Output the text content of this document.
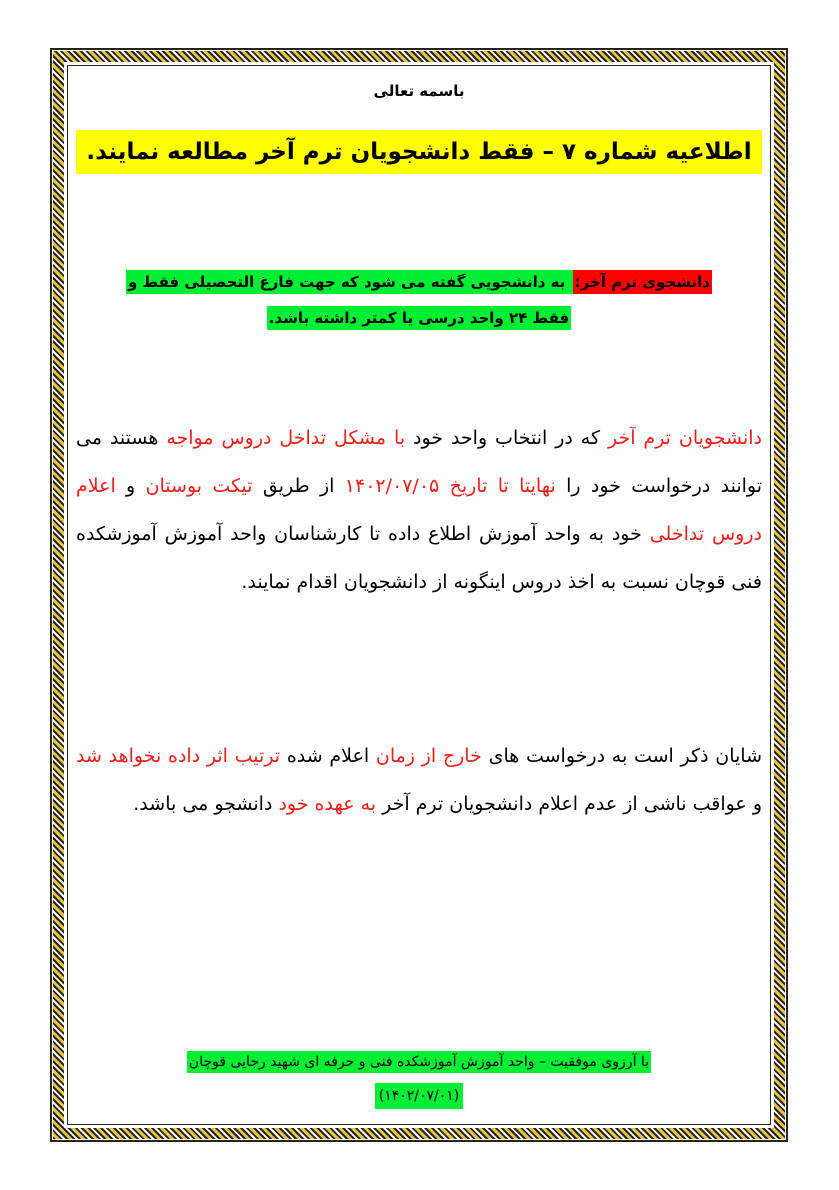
باسمه تعالی
اطلاعیه شماره ۷ – فقط دانشجویان ترم آخر مطالعه نمایند.
دانشجوی ترم آخر: به دانشجویی گفته می شود که جهت فارغ التحصیلی فقط و
فقط ۲۴ واحد درسی یا کمتر داشته باشد.
دانشجویان ترم آخر که در انتخاب واحد خود با مشکل تداخل دروس مواجه هستند می توانند درخواست خود را نهایتا تا تاریخ ۱۴۰۲/۰۷/۰۵ از طریق تیکت بوستان و اعلام دروس تداخلی خود به واحد آموزش اطلاع داده تا کارشناسان واحد آموزش آموزشکده فنی قوچان نسبت به اخذ دروس اینگونه از دانشجویان اقدام نمایند.
شایان ذکر است به درخواست های خارج از زمان اعلام شده ترتیب اثر داده نخواهد شد و عواقب ناشی از عدم اعلام دانشجویان ترم آخر به عهده خود دانشجو می باشد.
با آرزوی موفقیت – واحد آموزش آموزشکده فنی و حرفه ای شهید رجایی قوچان
(۱۴۰۲/۰۷/۰۱)
